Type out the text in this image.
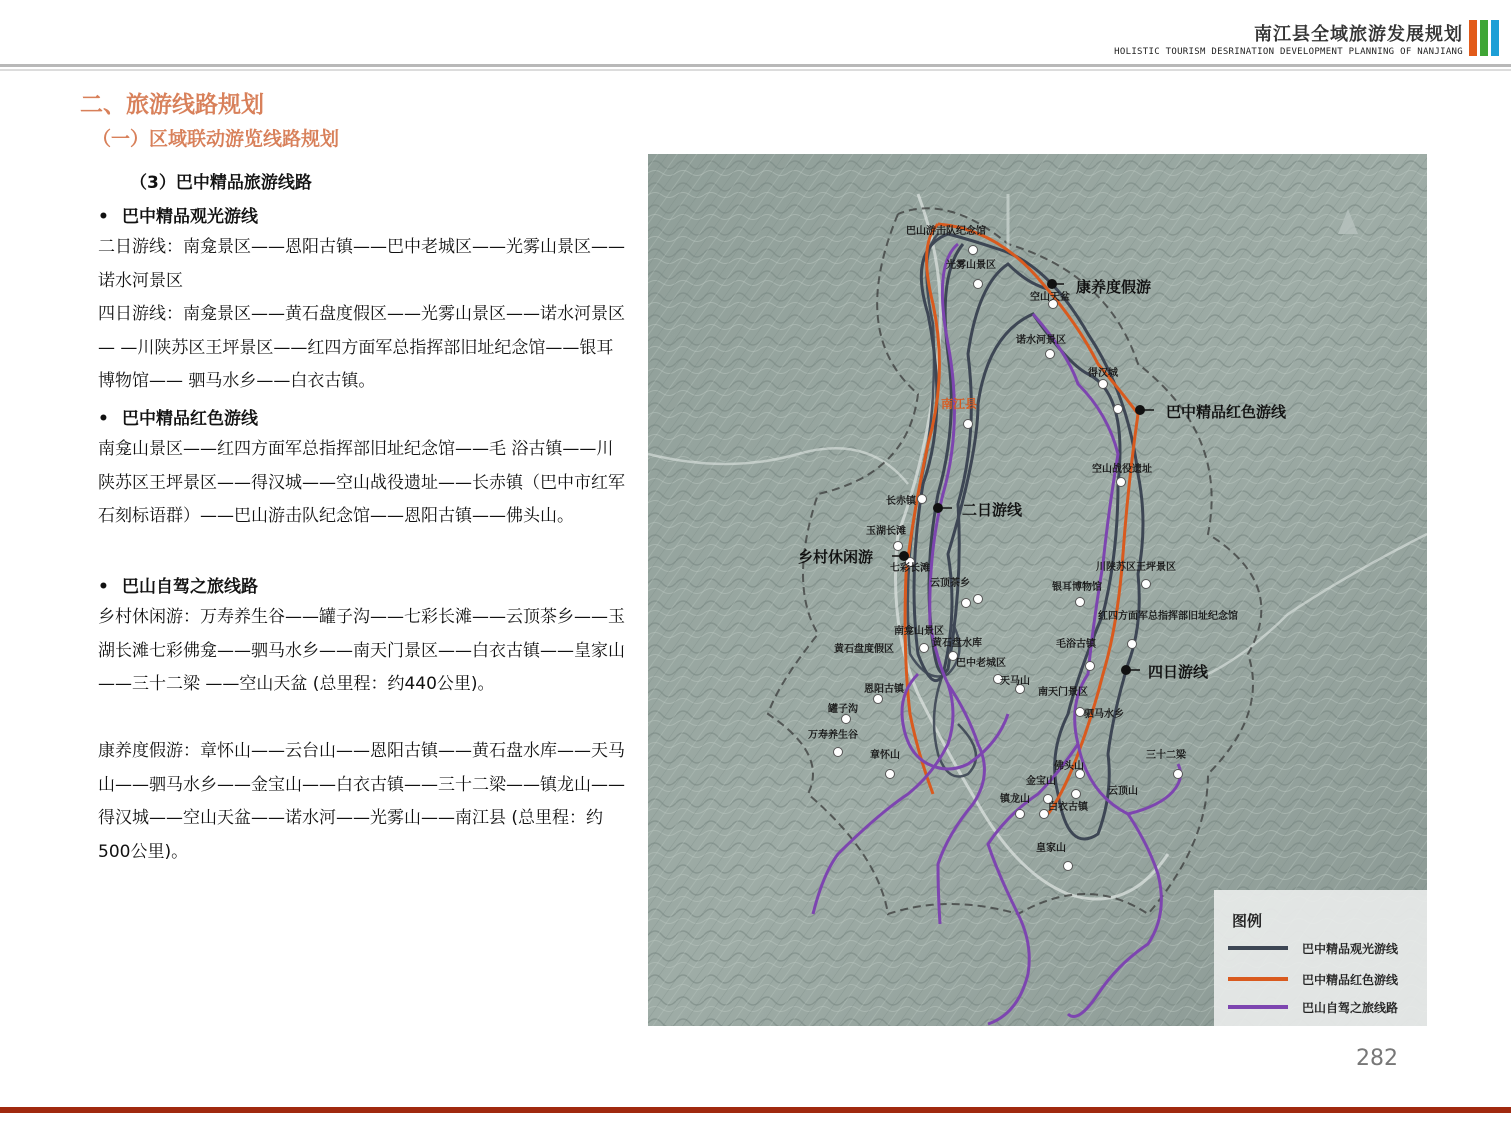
南江县全域旅游发展规划
HOLISTIC TOURISM DESRINATION DEVELOPMENT PLANNING OF NANJIANG
二、旅游线路规划
（一）区域联动游览线路规划
（3）巴中精品旅游线路
• 巴中精品观光游线
二日游线：南龛景区——恩阳古镇——巴中老城区——光雾山景区—— 诺水河景区
四日游线：南龛景区——黄石盘度假区——光雾山景区——诺水河景区— —川陕苏区王坪景区——红四方面军总指挥部旧址纪念馆——银耳博物馆—— 驷马水乡——白衣古镇。
• 巴中精品红色游线
南龛山景区——红四方面军总指挥部旧址纪念馆——毛 浴古镇——川陕苏区王坪景区——得汉城——空山战役遗址——长赤镇（巴中市红军石刻标语群）——巴山游击队纪念馆——恩阳古镇——佛头山。
• 巴山自驾之旅线路
乡村休闲游：万寿养生谷——罐子沟——七彩长滩——云顶茶乡——玉湖长滩七彩佛龛——驷马水乡——南天门景区——白衣古镇——皇家山——三十二梁 ——空山天盆 (总里程：约440公里)。
康养度假游：章怀山——云台山——恩阳古镇——黄石盘水库——天马 山——驷马水乡——金宝山——白衣古镇——三十二梁——镇龙山——得汉城——空山天盆——诺水河——光雾山——南江县 (总里程：约500公里)。
巴山游击队纪念馆
光雾山景区
空山天盆
诺水河景区
得汉城
空山战役遗址
长赤镇
玉湖长滩
七彩长滩
云顶茶乡
川陕苏区王坪景区
银耳博物馆
红四方面军总指挥部旧址纪念馆
毛浴古镇
南龛山景区
黄石盘水库
黄石盘度假区
巴中老城区
天马山
南天门景区
恩阳古镇
罐子沟
万寿养生谷
章怀山
驷马水乡
三十二梁
佛头山
金宝山
云顶山
镇龙山
白衣古镇
皇家山
康养度假游
巴中精品红色游线
二日游线
乡村休闲游
四日游线
南江县
图例
巴中精品观光游线
巴中精品红色游线
巴山自驾之旅线路
282
